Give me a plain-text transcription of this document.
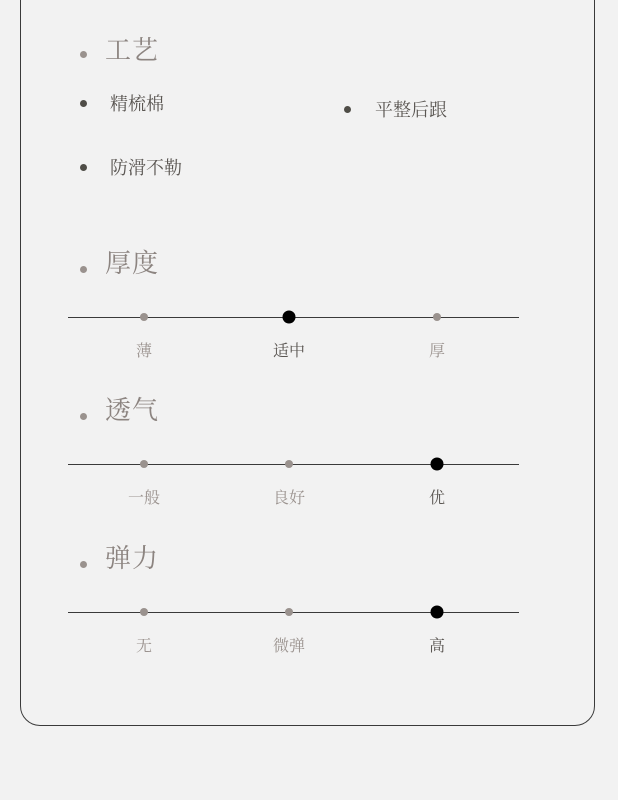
工艺
精梳棉	平整后跟
防滑不勒
厚度
薄	适中	厚
透气
一般	良好	优
弹力
无	微弹	高
